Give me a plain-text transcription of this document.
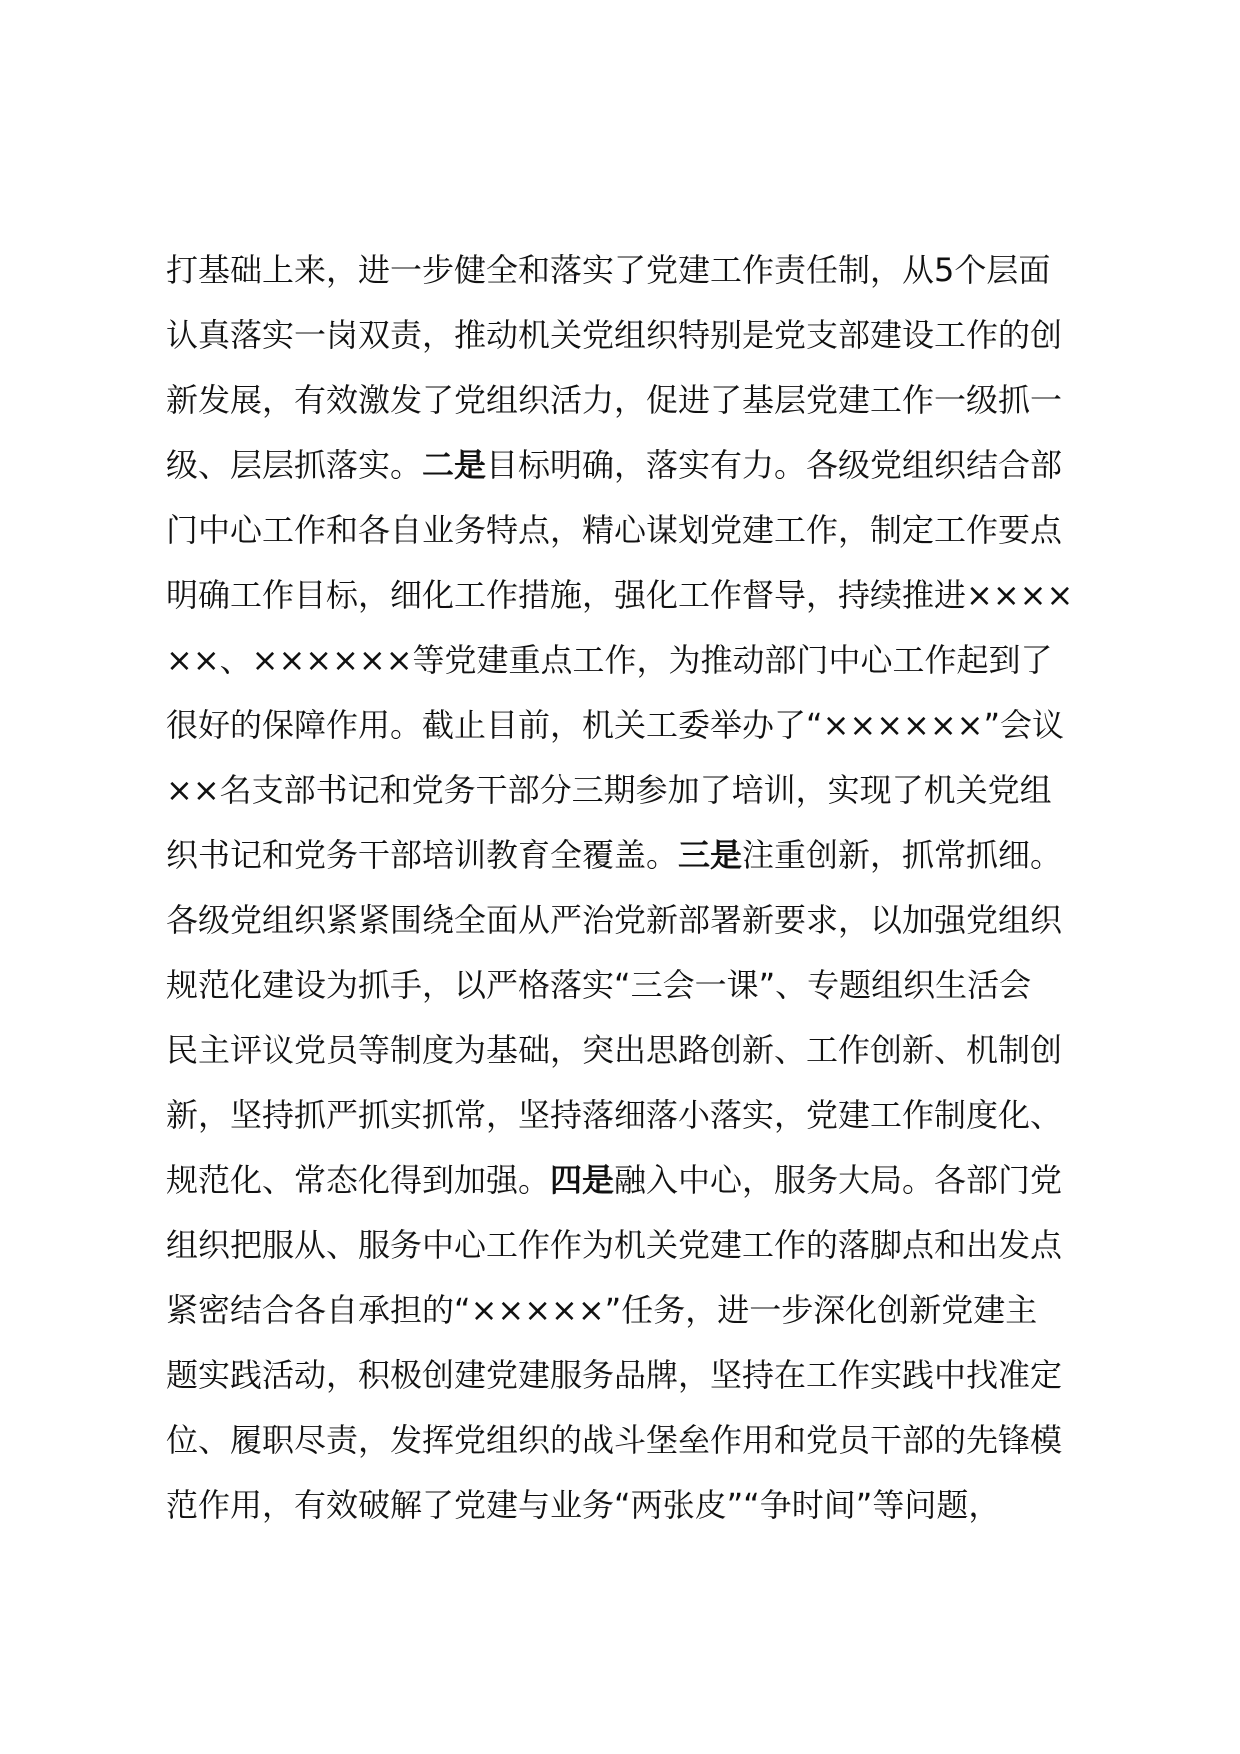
打基础上来，进一步健全和落实了党建工作责任制，从5个层面
认真落实一岗双责，推动机关党组织特别是党支部建设工作的创
新发展，有效激发了党组织活力，促进了基层党建工作一级抓一
级、层层抓落实。二是目标明确，落实有力。各级党组织结合部
门中心工作和各自业务特点，精心谋划党建工作，制定工作要点
明确工作目标，细化工作措施，强化工作督导，持续推进××××
××、××××××等党建重点工作，为推动部门中心工作起到了
很好的保障作用。截止目前，机关工委举办了“××××××”会议
××名支部书记和党务干部分三期参加了培训，实现了机关党组
织书记和党务干部培训教育全覆盖。三是注重创新，抓常抓细。
各级党组织紧紧围绕全面从严治党新部署新要求，以加强党组织
规范化建设为抓手，以严格落实“三会一课”、专题组织生活会
民主评议党员等制度为基础，突出思路创新、工作创新、机制创
新，坚持抓严抓实抓常，坚持落细落小落实，党建工作制度化、
规范化、常态化得到加强。四是融入中心，服务大局。各部门党
组织把服从、服务中心工作作为机关党建工作的落脚点和出发点
紧密结合各自承担的“×××××”任务，进一步深化创新党建主
题实践活动，积极创建党建服务品牌，坚持在工作实践中找准定
位、履职尽责，发挥党组织的战斗堡垒作用和党员干部的先锋模
范作用，有效破解了党建与业务“两张皮”“争时间”等问题，
